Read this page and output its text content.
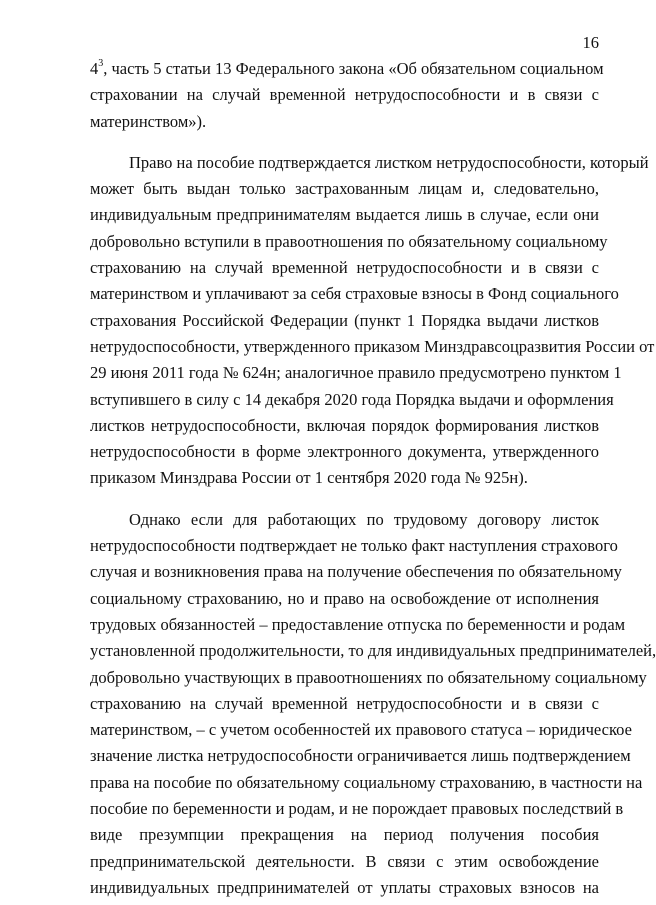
16
$4^3$, часть 5 статьи 13 Федерального закона «Об обязательном социальном
страховании на случай временной нетрудоспособности и в связи с
материнством»).
Право на пособие подтверждается листком нетрудоспособности, который
может быть выдан только застрахованным лицам и, следовательно,
индивидуальным предпринимателям выдается лишь в случае, если они
добровольно вступили в правоотношения по обязательному социальному
страхованию на случай временной нетрудоспособности и в связи с
материнством и уплачивают за себя страховые взносы в Фонд социального
страхования Российской Федерации (пункт 1 Порядка выдачи листков
нетрудоспособности, утвержденного приказом Минздравсоцразвития России от
29 июня 2011 года № 624н; аналогичное правило предусмотрено пунктом 1
вступившего в силу с 14 декабря 2020 года Порядка выдачи и оформления
листков нетрудоспособности, включая порядок формирования листков
нетрудоспособности в форме электронного документа, утвержденного
приказом Минздрава России от 1 сентября 2020 года № 925н).
Однако если для работающих по трудовому договору листок
нетрудоспособности подтверждает не только факт наступления страхового
случая и возникновения права на получение обеспечения по обязательному
социальному страхованию, но и право на освобождение от исполнения
трудовых обязанностей – предоставление отпуска по беременности и родам
установленной продолжительности, то для индивидуальных предпринимателей,
добровольно участвующих в правоотношениях по обязательному социальному
страхованию на случай временной нетрудоспособности и в связи с
материнством, – с учетом особенностей их правового статуса – юридическое
значение листка нетрудоспособности ограничивается лишь подтверждением
права на пособие по обязательному социальному страхованию, в частности на
пособие по беременности и родам, и не порождает правовых последствий в
виде презумпции прекращения на период получения пособия
предпринимательской деятельности. В связи с этим освобождение
индивидуальных предпринимателей от уплаты страховых взносов на
